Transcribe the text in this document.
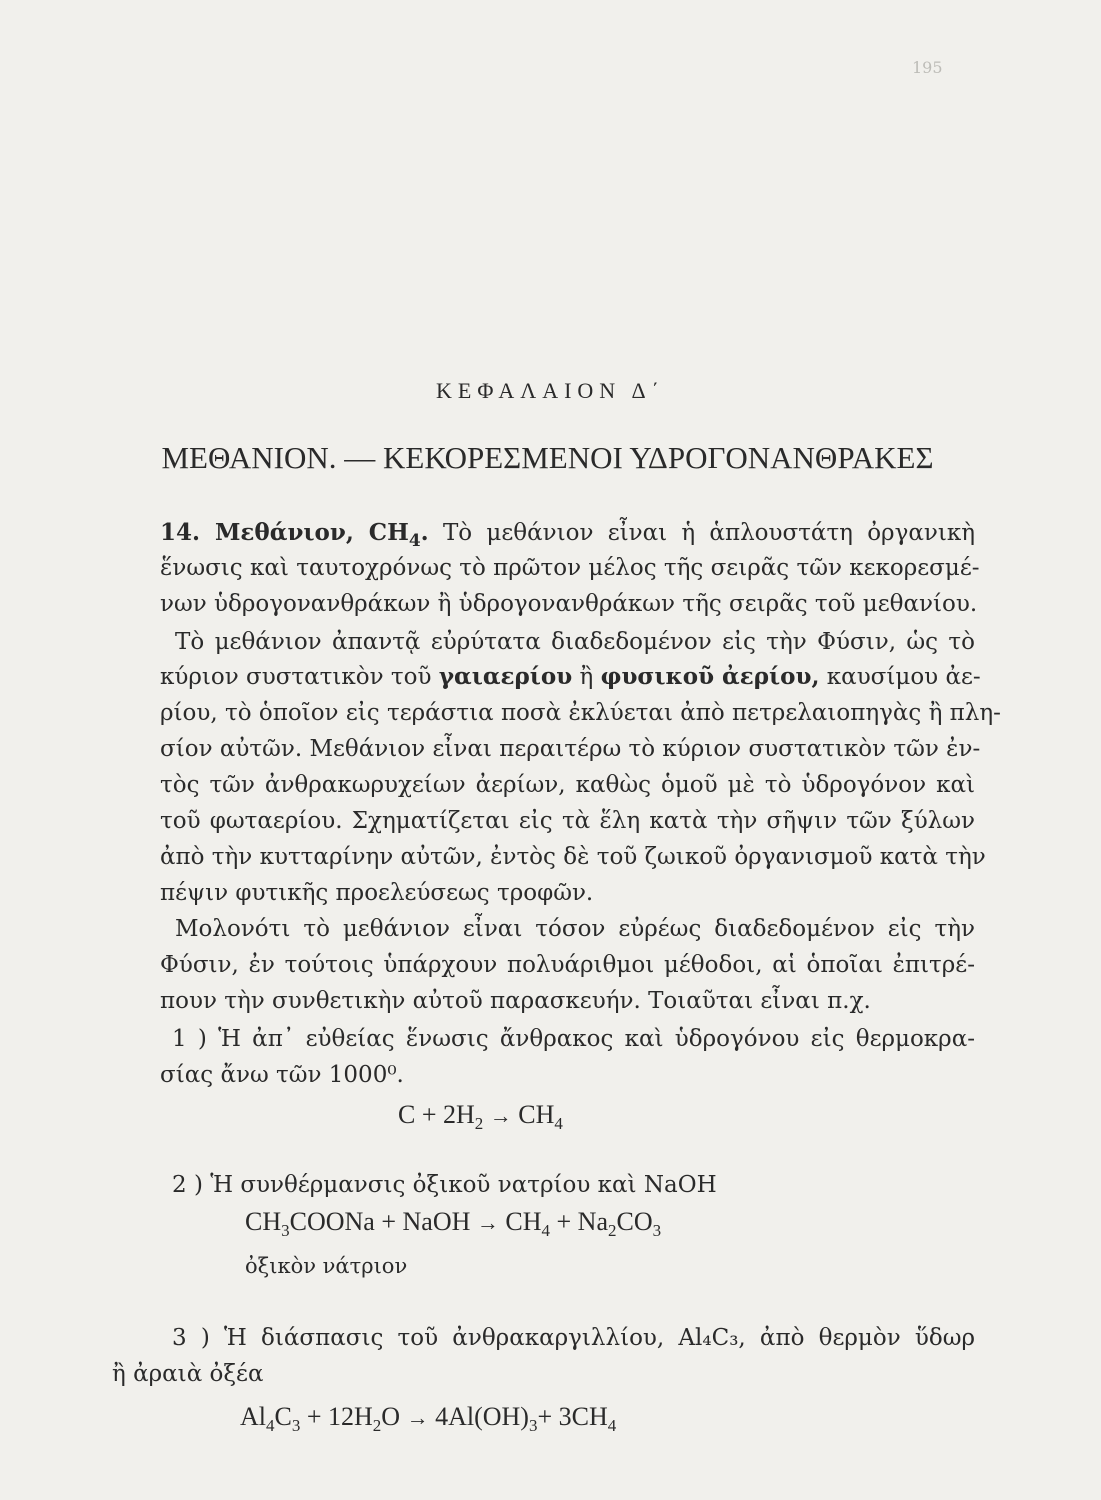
195
ΚΕΦΑΛΑΙΟΝ Δ΄
ΜΕΘΑΝΙΟΝ. — ΚΕΚΟΡΕΣΜΕΝΟΙ ΥΔΡΟΓΟΝΑΝΘΡΑΚΕΣ
14. Μεθάνιον, $CH_4$. Τὸ μεθάνιον εἶναι ἡ ἁπλουστάτη ὀργανικὴ
ἕνωσις καὶ ταυτοχρόνως τὸ πρῶτον μέλος τῆς σειρᾶς τῶν κεκορεσμέ-
νων ὑδρογονανθράκων ἢ ὑδρογονανθράκων τῆς σειρᾶς τοῦ μεθανίου.
Τὸ μεθάνιον ἀπαντᾷ εὐρύτατα διαδεδομένον εἰς τὴν Φύσιν, ὡς τὸ
κύριον συστατικὸν τοῦ γαιαερίου ἢ φυσικοῦ ἀερίου, καυσίμου ἀε-
ρίου, τὸ ὁποῖον εἰς τεράστια ποσὰ ἐκλύεται ἀπὸ πετρελαιοπηγὰς ἢ πλη-
σίον αὐτῶν. Μεθάνιον εἶναι περαιτέρω τὸ κύριον συστατικὸν τῶν ἐν-
τὸς τῶν ἀνθρακωρυχείων ἀερίων, καθὼς ὁμοῦ μὲ τὸ ὑδρογόνον καὶ
τοῦ φωταερίου. Σχηματίζεται εἰς τὰ ἕλη κατὰ τὴν σῆψιν τῶν ξύλων
ἀπὸ τὴν κυτταρίνην αὐτῶν, ἐντὸς δὲ τοῦ ζωικοῦ ὀργανισμοῦ κατὰ τὴν
πέψιν φυτικῆς προελεύσεως τροφῶν.
Μολονότι τὸ μεθάνιον εἶναι τόσον εὐρέως διαδεδομένον εἰς τὴν
Φύσιν, ἐν τούτοις ὑπάρχουν πολυάριθμοι μέθοδοι, αἱ ὁποῖαι ἐπιτρέ-
πουν τὴν συνθετικὴν αὐτοῦ παρασκευήν. Τοιαῦται εἶναι π.χ.
1 ) Ἡ ἀπ᾽ εὐθείας ἕνωσις ἄνθρακος καὶ ὑδρογόνου εἰς θερμοκρα-
σίας ἄνω τῶν 1000⁰.
$C + 2H_2 \to CH_4$
2 ) Ἡ συνθέρμανσις ὀξικοῦ νατρίου καὶ NaOH
$CH_3COONa$ + NaOH → $CH_4 + Na_2CO_3$
ὀξικὸν νάτριον
3 ) Ἡ διάσπασις τοῦ ἀνθρακαργιλλίου, Al₄C₃, ἀπὸ θερμὸν ὕδωρ
ἢ ἀραιὰ ὀξέα
$Al_4C_3 + 12H_2O \to 4Al(OH)_3+ 3CH_4$
